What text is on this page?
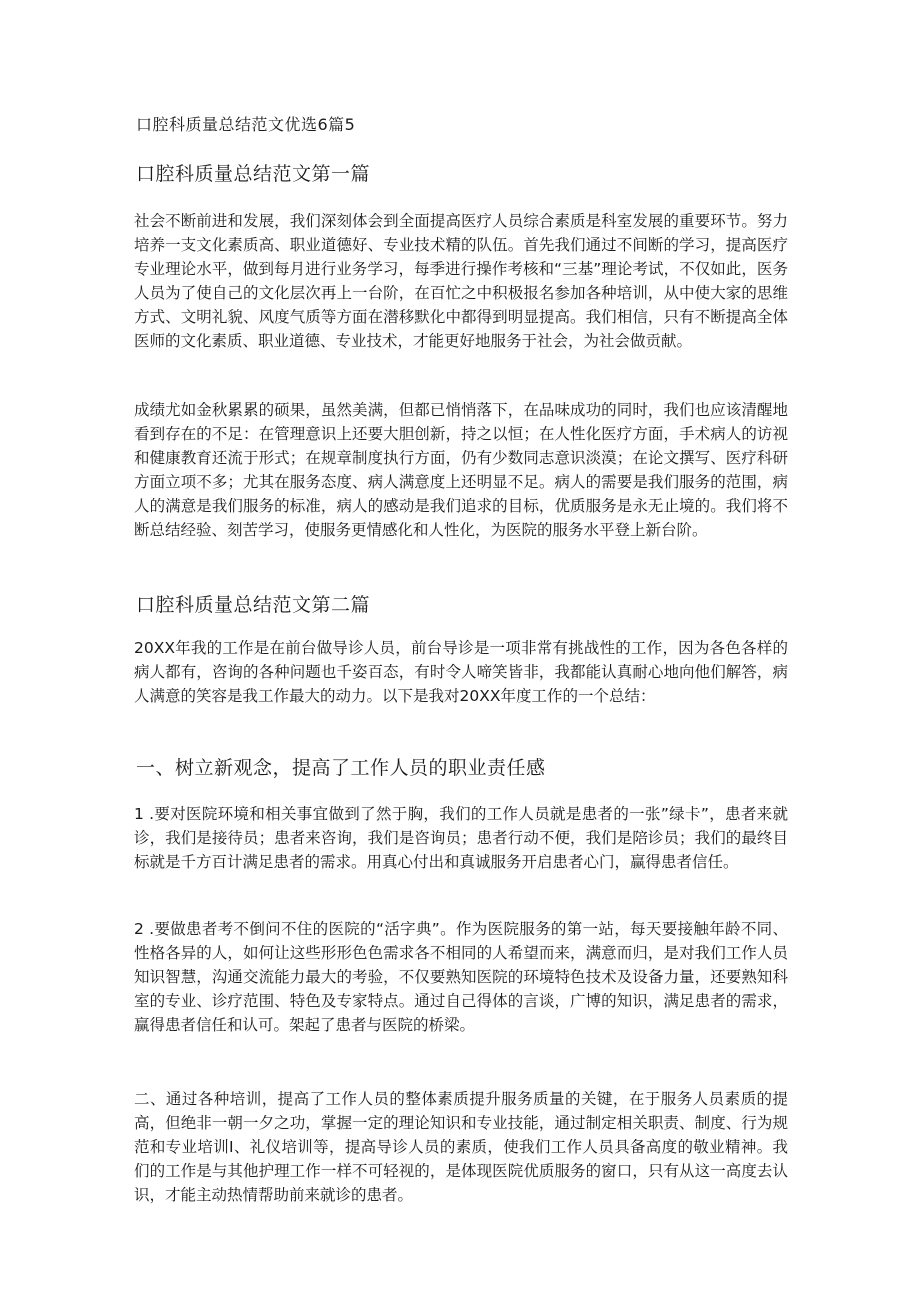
口腔科质量总结范文优选6篇5
口腔科质量总结范文第一篇

社会不断前进和发展，我们深刻体会到全面提高医疗人员综合素质是科室发展的重要环节。努力培养一支文化素质高、职业道德好、专业技术精的队伍。首先我们通过不间断的学习，提高医疗专业理论水平，做到每月进行业务学习，每季进行操作考核和“三基”理论考试，不仅如此，医务人员为了使自己的文化层次再上一台阶，在百忙之中积极报名参加各种培训，从中使大家的思维方式、文明礼貌、风度气质等方面在潜移默化中都得到明显提高。我们相信，只有不断提高全体医师的文化素质、职业道德、专业技术，才能更好地服务于社会，为社会做贡献。

成绩尤如金秋累累的硕果，虽然美满，但都已悄悄落下，在品味成功的同时，我们也应该清醒地看到存在的不足：在管理意识上还要大胆创新，持之以恒；在人性化医疗方面，手术病人的访视和健康教育还流于形式；在规章制度执行方面，仍有少数同志意识淡漠；在论文撰写、医疗科研方面立项不多；尤其在服务态度、病人满意度上还明显不足。病人的需要是我们服务的范围，病人的满意是我们服务的标准，病人的感动是我们追求的目标，优质服务是永无止境的。我们将不断总结经验、刻苦学习，使服务更情感化和人性化，为医院的服务水平登上新台阶。

口腔科质量总结范文第二篇

20XX年我的工作是在前台做导诊人员，前台导诊是一项非常有挑战性的工作，因为各色各样的病人都有，咨询的各种问题也千姿百态，有时令人啼笑皆非，我都能认真耐心地向他们解答，病人满意的笑容是我工作最大的动力。以下是我对20XX年度工作的一个总结：

一、树立新观念，提高了工作人员的职业责任感

1 .要对医院环境和相关事宜做到了然于胸，我们的工作人员就是患者的一张”绿卡”，患者来就诊，我们是接待员；患者来咨询，我们是咨询员；患者行动不便，我们是陪诊员；我们的最终目标就是千方百计满足患者的需求。用真心付出和真诚服务开启患者心门，赢得患者信任。

2 .要做患者考不倒问不住的医院的“活字典”。作为医院服务的第一站，每天要接触年龄不同、性格各异的人，如何让这些形形色色需求各不相同的人希望而来，满意而归，是对我们工作人员知识智慧，沟通交流能力最大的考验，不仅要熟知医院的环境特色技术及设备力量，还要熟知科室的专业、诊疗范围、特色及专家特点。通过自己得体的言谈，广博的知识，满足患者的需求，赢得患者信任和认可。架起了患者与医院的桥梁。

二、通过各种培训，提高了工作人员的整体素质提升服务质量的关键，在于服务人员素质的提高，但绝非一朝一夕之功，掌握一定的理论知识和专业技能，通过制定相关职责、制度、行为规范和专业培训I、礼仪培训等，提高导诊人员的素质，使我们工作人员具备高度的敬业精神。我们的工作是与其他护理工作一样不可轻视的，是体现医院优质服务的窗口，只有从这一高度去认识，才能主动热情帮助前来就诊的患者。
